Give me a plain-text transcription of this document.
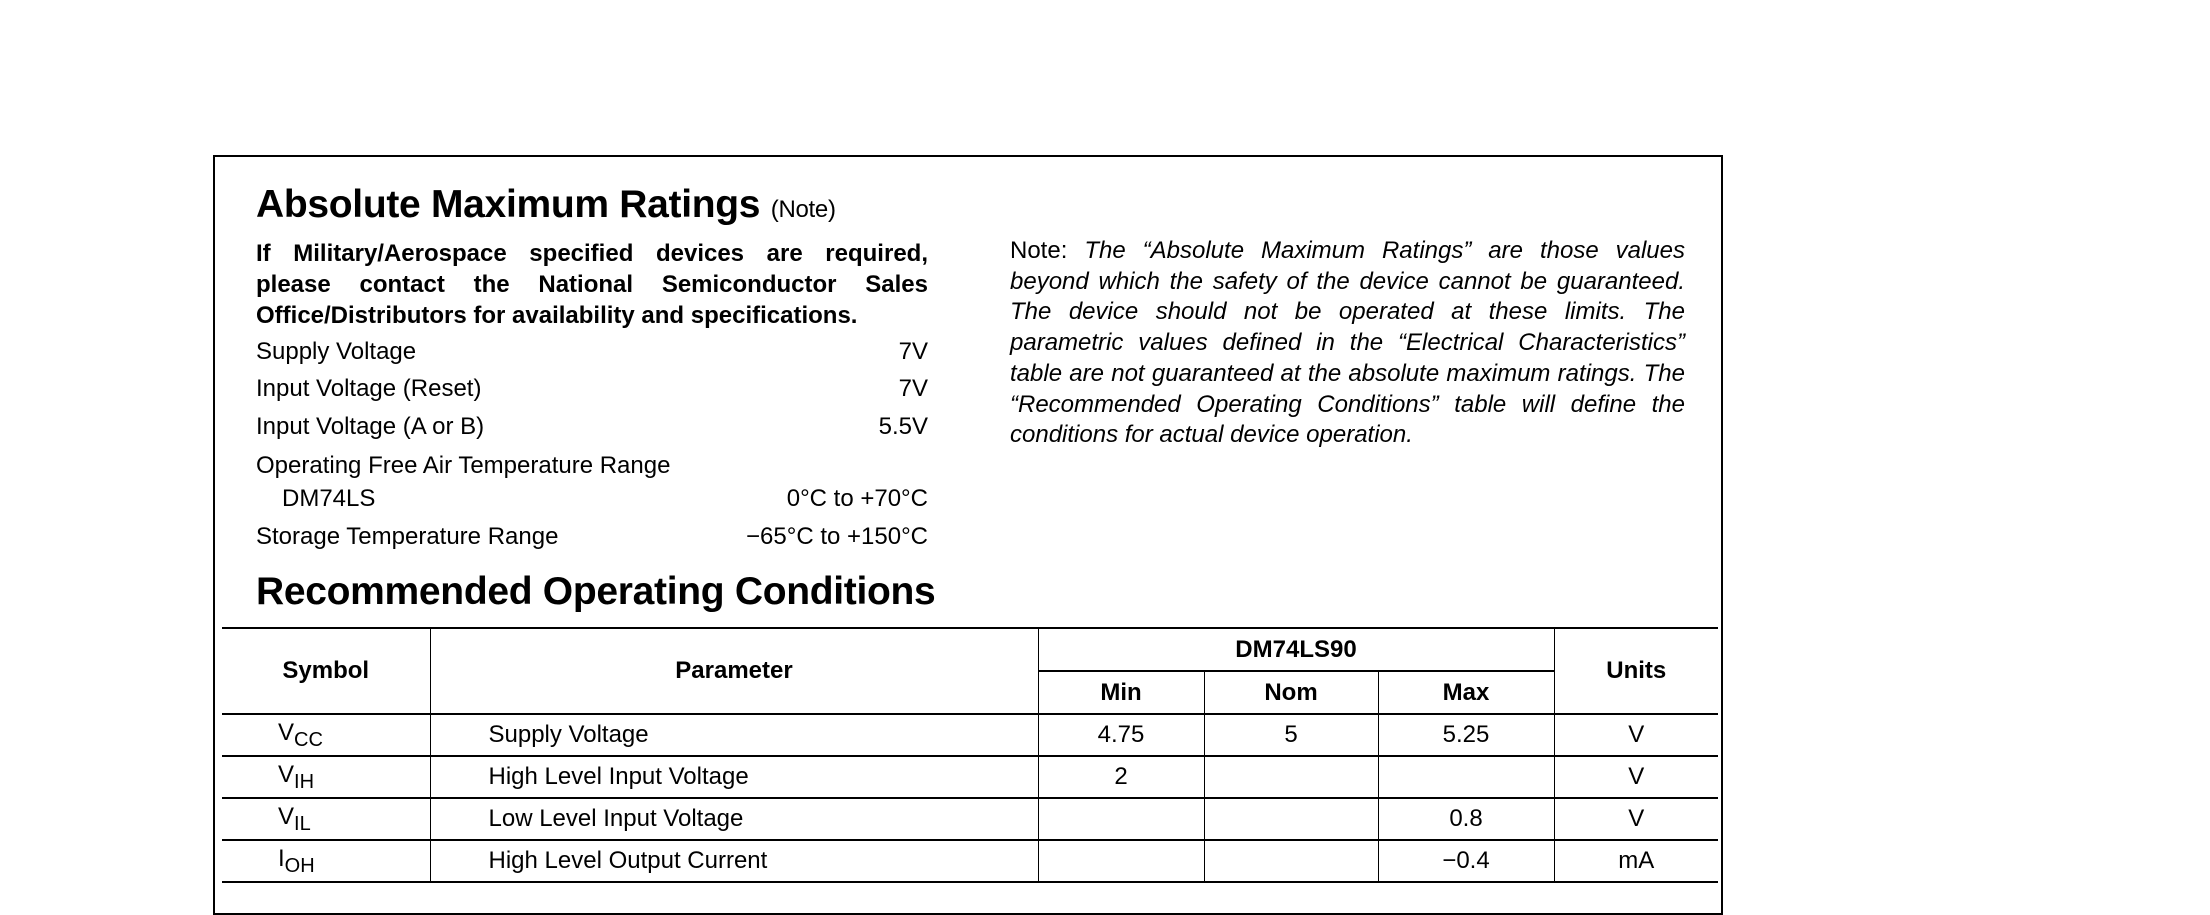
Absolute Maximum Ratings (Note)
If Military/Aerospace specified devices are required, please contact the National Semiconductor Sales Office/Distributors for availability and specifications.
Supply Voltage	7V
Input Voltage (Reset)	7V
Input Voltage (A or B)	5.5V
Operating Free Air Temperature Range
DM74LS	0°C to +70°C
Storage Temperature Range	−65°C to +150°C
Note: The “Absolute Maximum Ratings” are those values beyond which the safety of the device cannot be guaranteed. The device should not be operated at these limits. The parametric values defined in the “Electrical Characteristics” table are not guaranteed at the absolute maximum ratings. The “Recommended Operating Conditions” table will define the conditions for actual device operation.
Recommended Operating Conditions
Symbol	Parameter	DM74LS90			Units
		Min	Nom	Max	
$V_{CC}$	Supply Voltage	4.75	5	5.25	V
$V_{IH}$	High Level Input Voltage	2			V
$V_{IL}$	Low Level Input Voltage			0.8	V
$I_{OH}$	High Level Output Current			−0.4	mA
